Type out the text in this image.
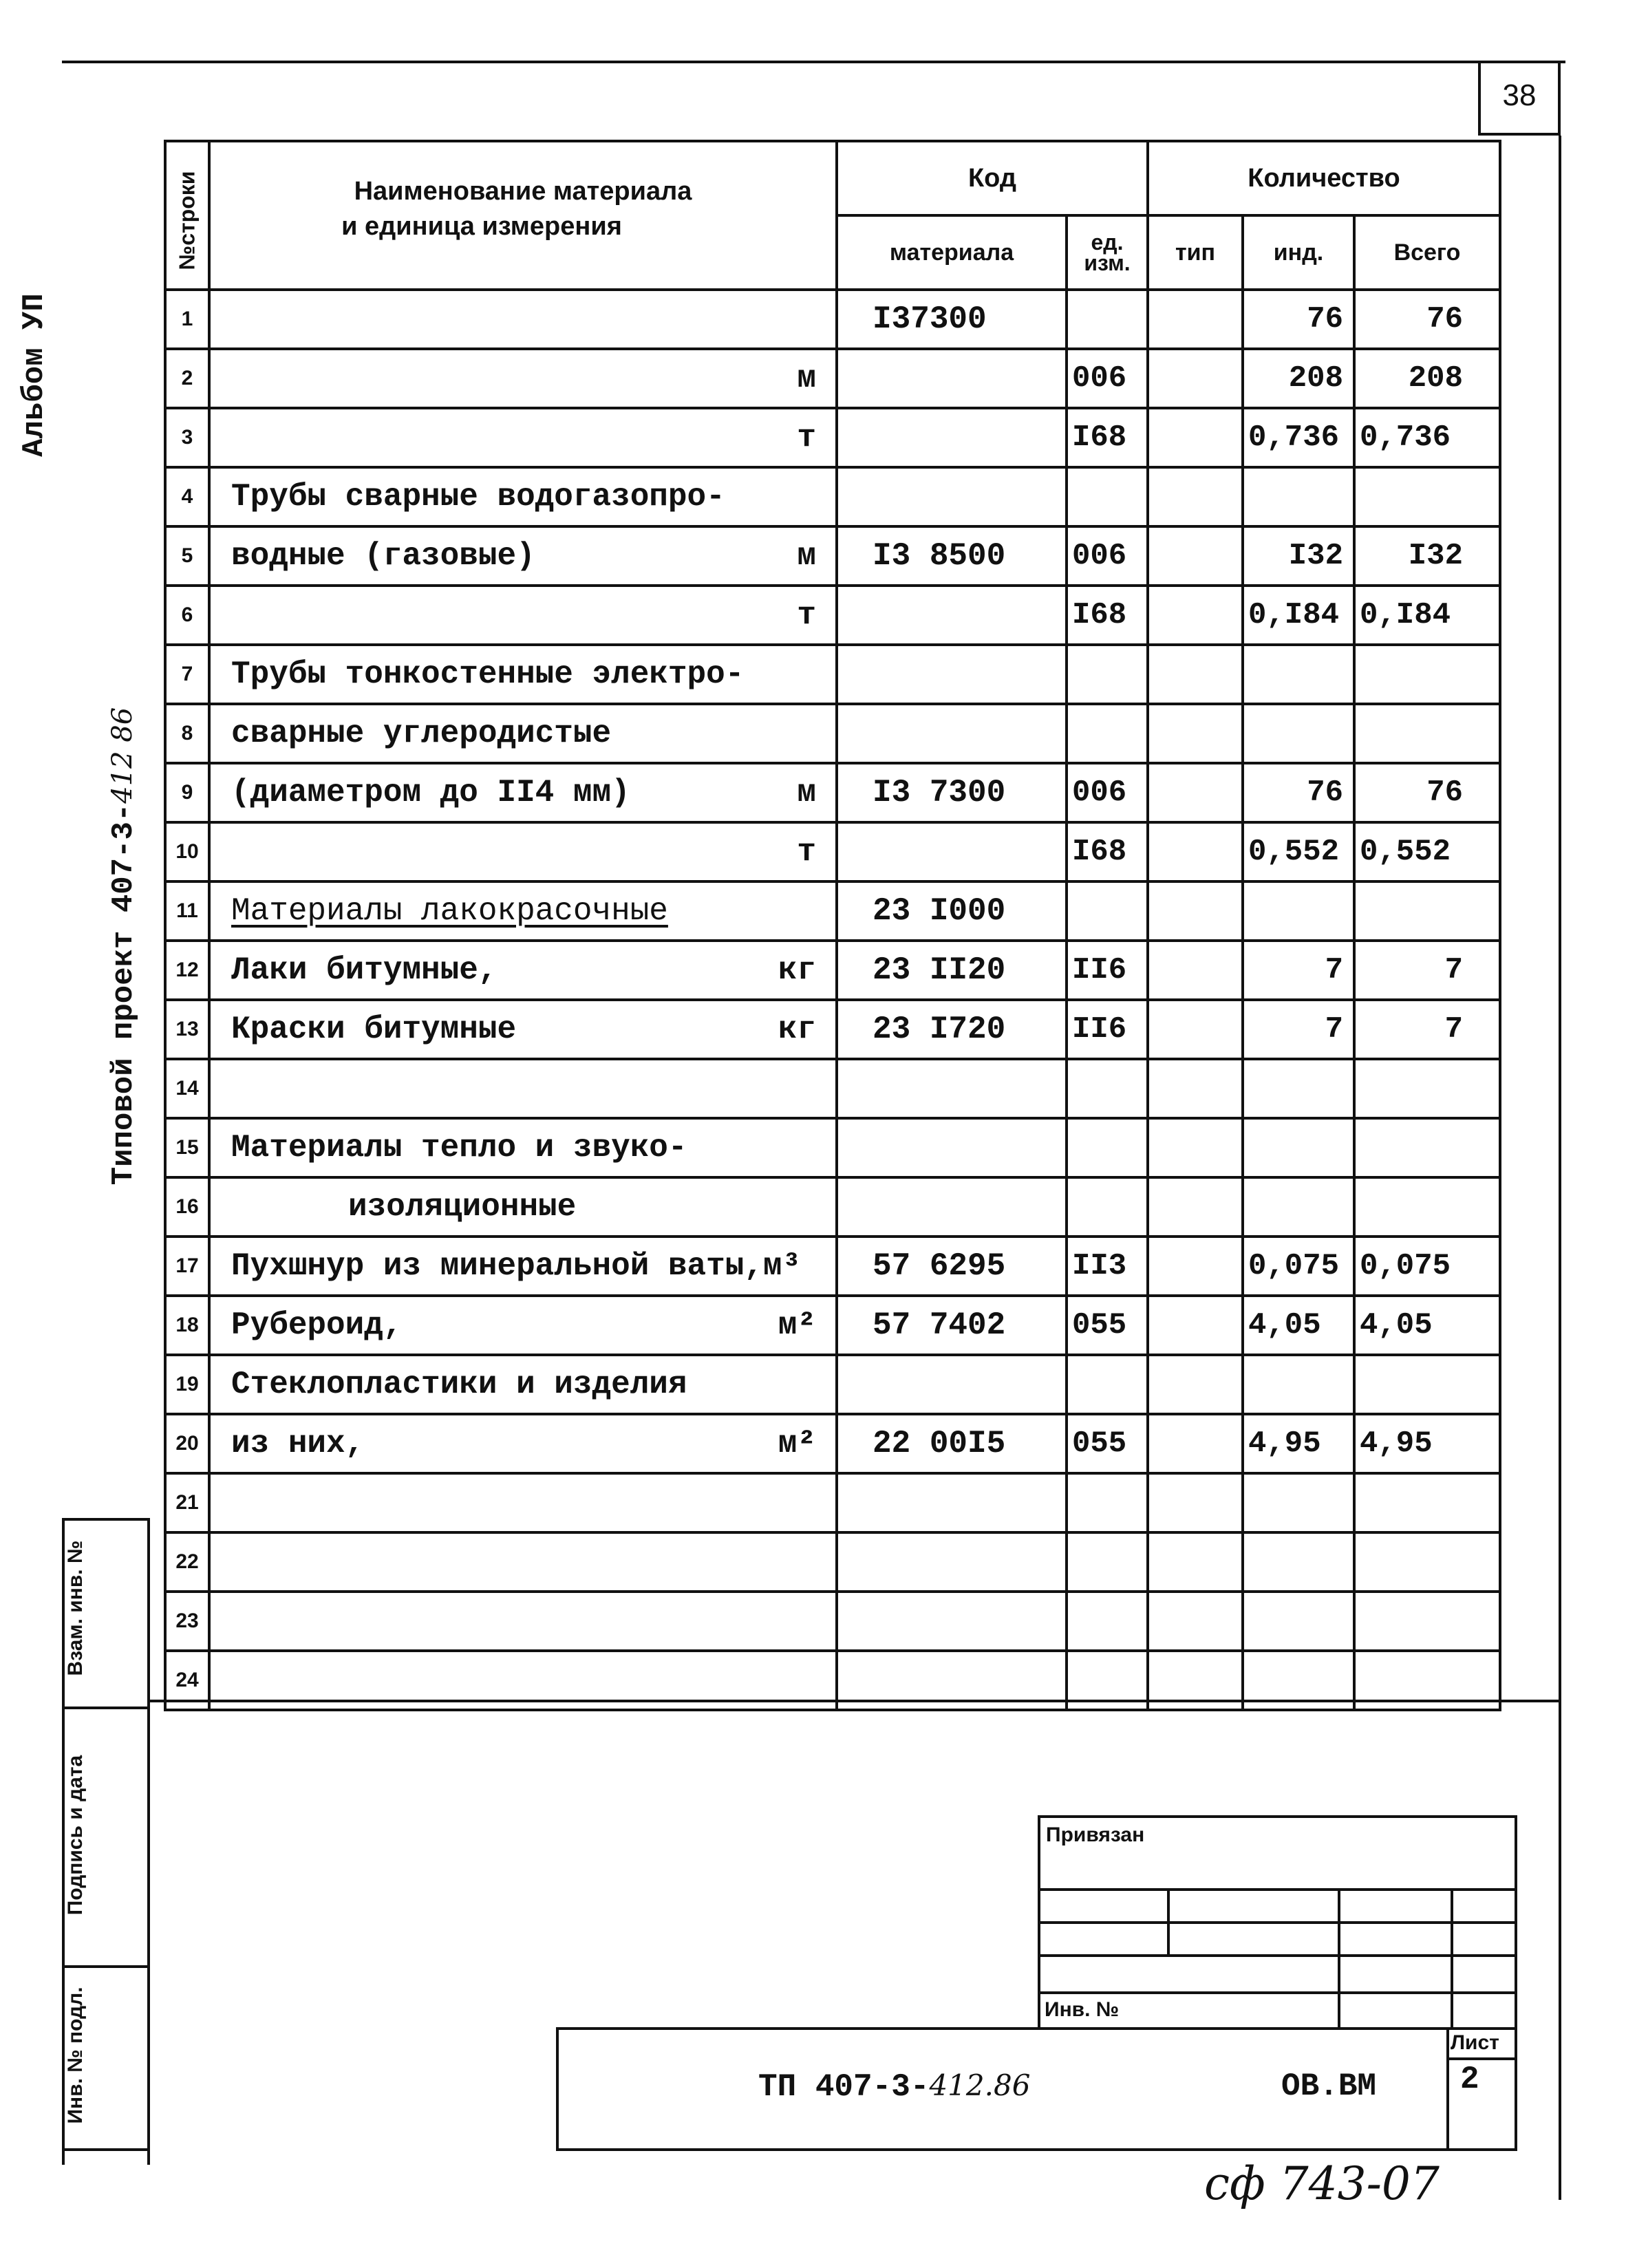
38
Альбом УП
Типовой проект 407-3-412 86
№строки	Наименование материала
и единица измерения	Код		Количество		
		материала	ед. изм.	тип	инд.	Всего
1		I37300			76	76
2	м		006		208	208
3	т		I68		0,736	0,736
4	Трубы сварные водогазопро-					

5	водные (газовые) м	I3 8500	006		I32	I32
6	т		I68		0,I84	0,I84
7	Трубы тонкостенные электро-					

8	сварные углеродистые					

9	(диаметром до II4 мм) м	I3 7300	006		76	76
10	т		I68		0,552	0,552
11	Материалы лакокрасочные	23 I000				
12	Лаки битумные, кг	23 II20	II6		7	7
13	Краски битумные кг	23 I720	II6		7	7
14	

15	Материалы тепло и звуко-					

16	изоляционные					

17	Пухшнур из минеральной ваты,м³	57 6295	II3		0,075	0,075
18	Рубероид, м²	57 7402	055		4,05	4,05
19	Стеклопластики и изделия					

20	из них, м²	22 00I5	055		4,95	4,95
21	

22	

23	

24	

Взам. инв. №
Подпись и дата
Инв. № подл.
Привязан
Инв. №
ТП 407-3-412.86	ОВ.ВМ
Лист
2
сф 743-07
